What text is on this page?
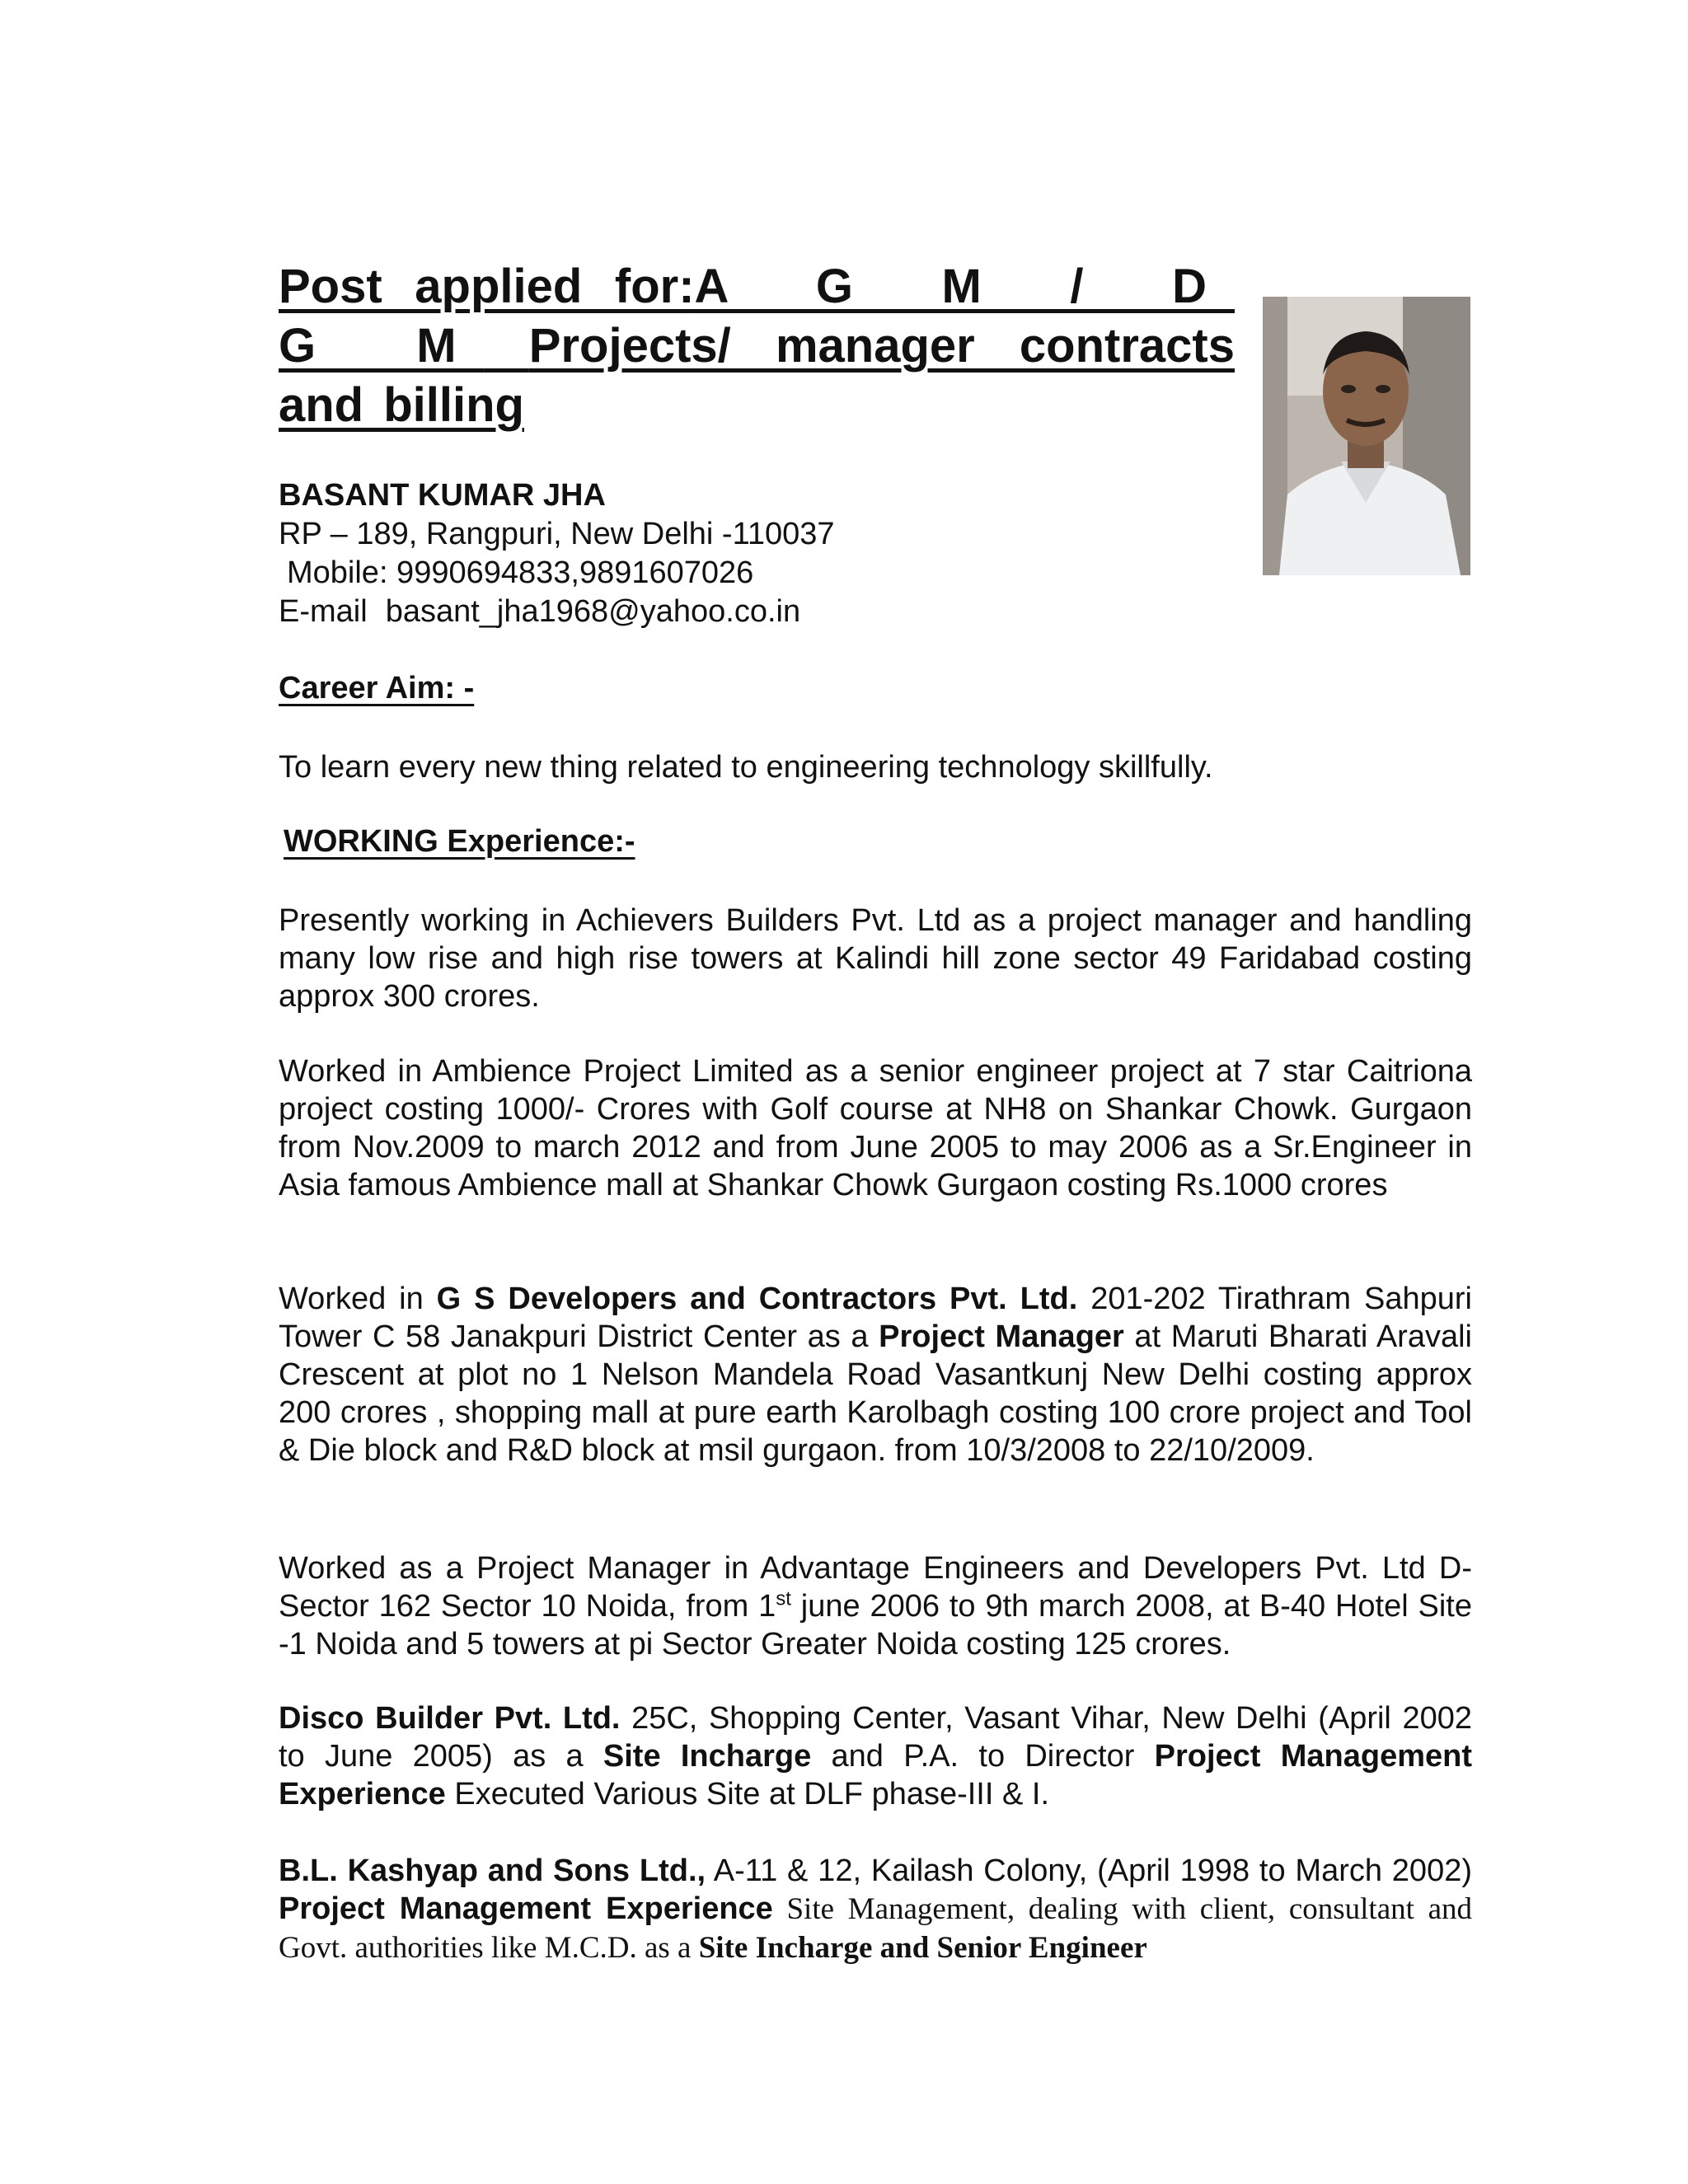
Post applied for:A G M / D G M Projects/ manager contracts and billing
BASANT KUMAR JHA
RP – 189, Rangpuri, New Delhi -110037
Mobile: 9990694833,9891607026
E-mail basant_jha1968@yahoo.co.in
Career Aim: -

To learn every new thing related to engineering technology skillfully.

WORKING Experience:-

Presently working in Achievers Builders Pvt. Ltd as a project manager and handling many low rise and high rise towers at Kalindi hill zone sector 49 Faridabad costing approx 300 crores.

Worked in Ambience Project Limited as a senior engineer project at 7 star Caitriona project costing 1000/- Crores with Golf course at NH8 on Shankar Chowk. Gurgaon from Nov.2009 to march 2012 and from June 2005 to may 2006 as a Sr.Engineer in Asia famous Ambience mall at Shankar Chowk Gurgaon costing Rs.1000 crores

Worked in G S Developers and Contractors Pvt. Ltd. 201-202 Tirathram Sahpuri Tower C 58 Janakpuri District Center as a Project Manager at Maruti Bharati Aravali Crescent at plot no 1 Nelson Mandela Road Vasantkunj New Delhi costing approx 200 crores , shopping mall at pure earth Karolbagh costing 100 crore project and Tool & Die block and R&D block at msil gurgaon. from 10/3/2008 to 22/10/2009.

Worked as a Project Manager in Advantage Engineers and Developers Pvt. Ltd D- Sector 162 Sector 10 Noida, from 1st june 2006 to 9th march 2008, at B-40 Hotel Site -1 Noida and 5 towers at pi Sector Greater Noida costing 125 crores.

Disco Builder Pvt. Ltd. 25C, Shopping Center, Vasant Vihar, New Delhi (April 2002 to June 2005) as a Site Incharge and P.A. to Director Project Management Experience Executed Various Site at DLF phase-III & I.

B.L. Kashyap and Sons Ltd., A-11 & 12, Kailash Colony, (April 1998 to March 2002) Project Management Experience Site Management, dealing with client, consultant and Govt. authorities like M.C.D. as a Site Incharge and Senior Engineer
